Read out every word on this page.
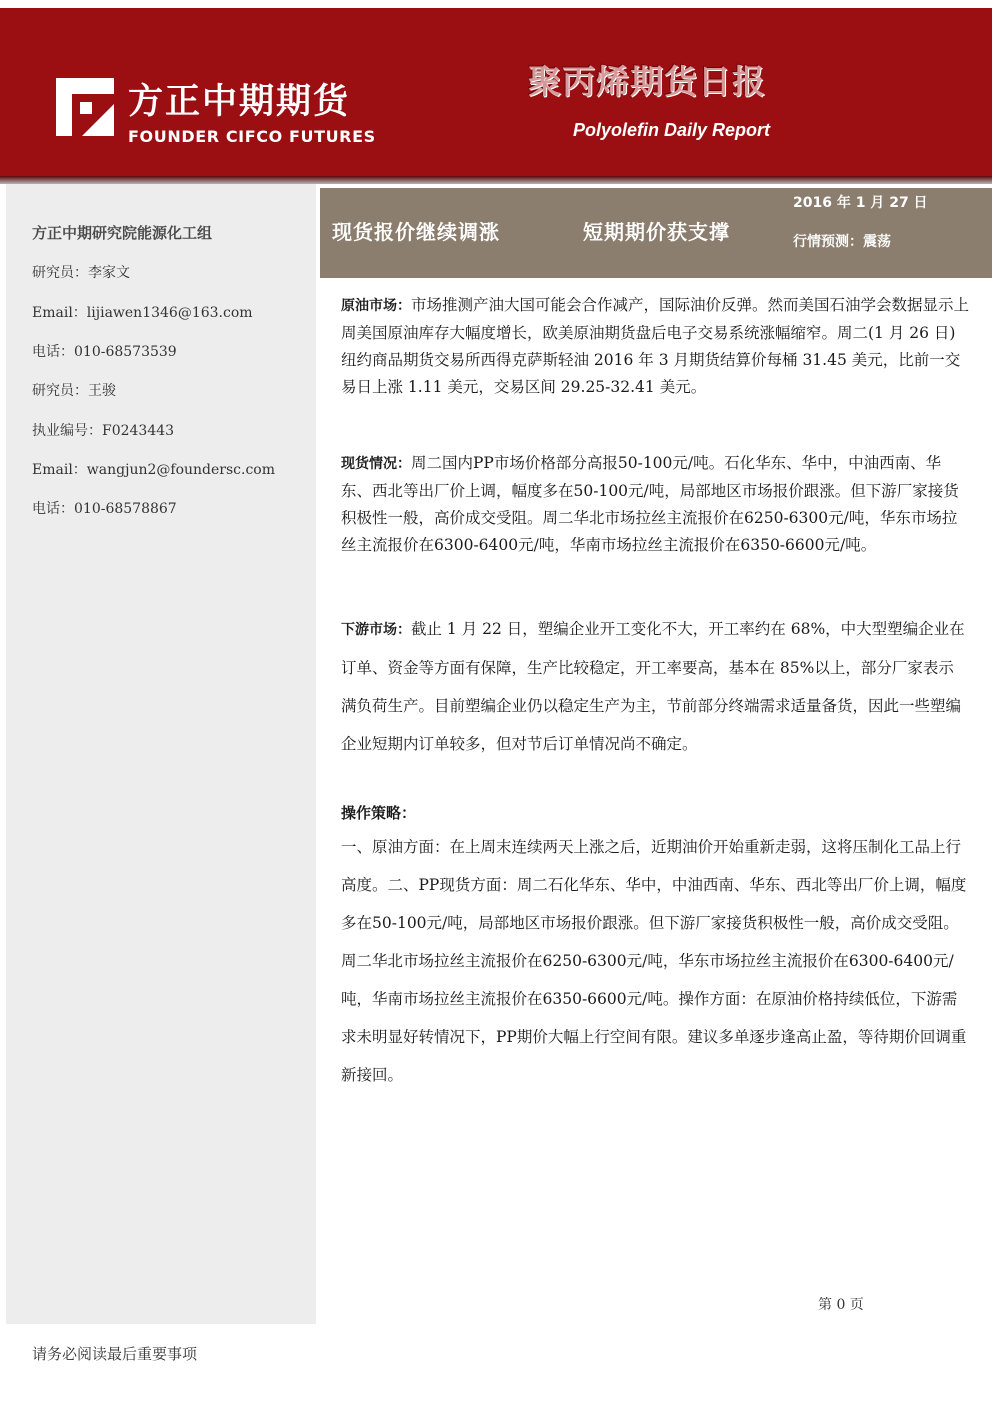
方正中期期货
FOUNDER CIFCO FUTURES
聚丙烯期货日报
Polyolefin Daily Report
方正中期研究院能源化工组
研究员：李家文
Email：lijiawen1346@163.com
电话：010-68573539
研究员：王骏
执业编号：F0243443
Email：wangjun2@foundersc.com
电话：010-68578867
现货报价继续调涨	短期期价获支撑
2016 年 1 月 27 日
行情预测：震荡

原油市场：市场推测产油大国可能会合作减产，国际油价反弹。然而美国石油学会数据显示上周美国原油库存大幅度增长，欧美原油期货盘后电子交易系统涨幅缩窄。周二(1 月 26 日)纽约商品期货交易所西得克萨斯轻油 2016 年 3 月期货结算价每桶 31.45 美元，比前一交易日上涨 1.11 美元，交易区间 29.25-32.41 美元。

现货情况：周二国内PP市场价格部分高报50-100元/吨。石化华东、华中，中油西南、华东、西北等出厂价上调，幅度多在50-100元/吨，局部地区市场报价跟涨。但下游厂家接货积极性一般，高价成交受阻。周二华北市场拉丝主流报价在6250-6300元/吨，华东市场拉丝主流报价在6300-6400元/吨，华南市场拉丝主流报价在6350-6600元/吨。

下游市场：截止 1 月 22 日，塑编企业开工变化不大，开工率约在 68%，中大型塑编企业在订单、资金等方面有保障，生产比较稳定，开工率要高，基本在 85%以上，部分厂家表示满负荷生产。目前塑编企业仍以稳定生产为主，节前部分终端需求适量备货，因此一些塑编企业短期内订单较多，但对节后订单情况尚不确定。

操作策略：

一、原油方面：在上周末连续两天上涨之后，近期油价开始重新走弱，这将压制化工品上行高度。二、PP现货方面：周二石化华东、华中，中油西南、华东、西北等出厂价上调，幅度多在50-100元/吨，局部地区市场报价跟涨。但下游厂家接货积极性一般，高价成交受阻。周二华北市场拉丝主流报价在6250-6300元/吨，华东市场拉丝主流报价在6300-6400元/吨，华南市场拉丝主流报价在6350-6600元/吨。操作方面：在原油价格持续低位，下游需求未明显好转情况下，PP期价大幅上行空间有限。建议多单逐步逢高止盈，等待期价回调重新接回。

第 0 页
请务必阅读最后重要事项
